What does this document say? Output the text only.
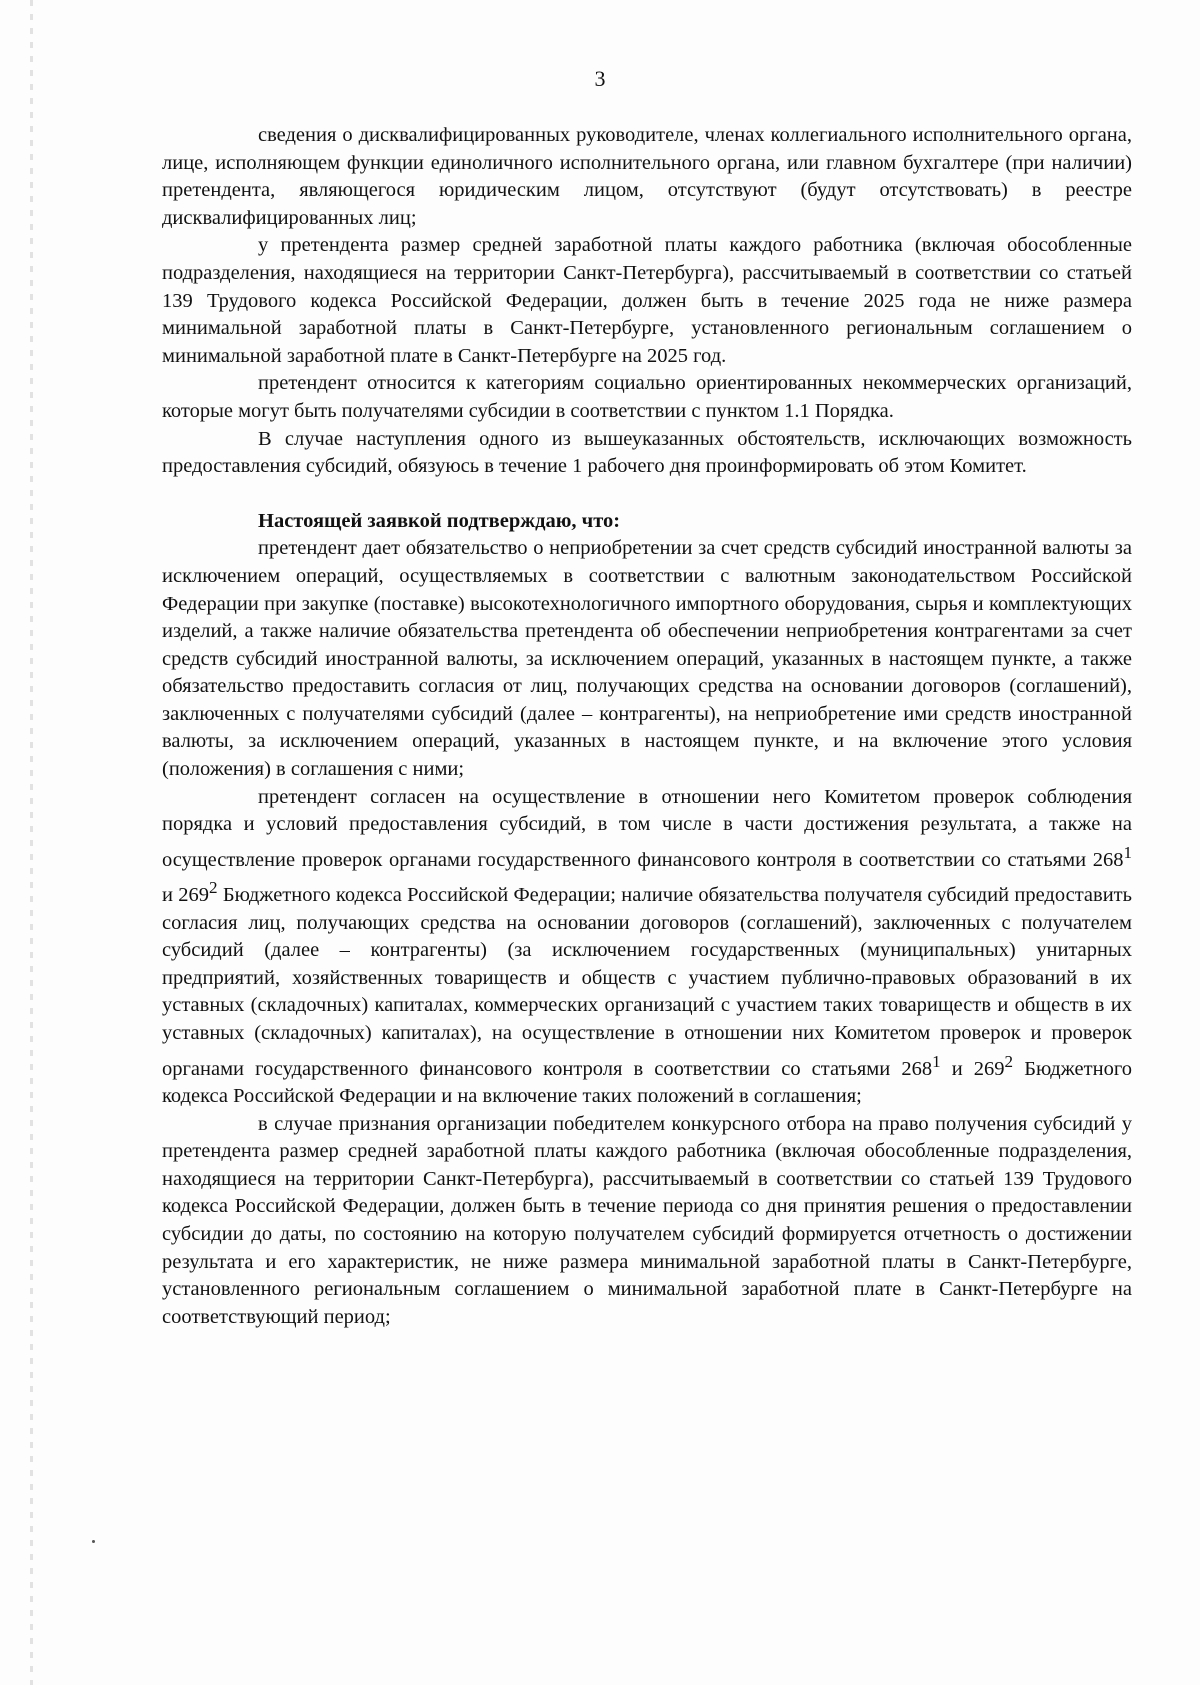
3

сведения о дисквалифицированных руководителе, членах коллегиального исполнительного органа, лице, исполняющем функции единоличного исполнительного органа, или главном бухгалтере (при наличии) претендента, являющегося юридическим лицом, отсутствуют (будут отсутствовать) в реестре дисквалифицированных лиц;

у претендента размер средней заработной платы каждого работника (включая обособленные подразделения, находящиеся на территории Санкт-Петербурга), рассчитываемый в соответствии со статьей 139 Трудового кодекса Российской Федерации, должен быть в течение 2025 года не ниже размера минимальной заработной платы в Санкт-Петербурге, установленного региональным соглашением о минимальной заработной плате в Санкт-Петербурге на 2025 год.

претендент относится к категориям социально ориентированных некоммерческих организаций, которые могут быть получателями субсидии в соответствии с пунктом 1.1 Порядка.

В случае наступления одного из вышеуказанных обстоятельств, исключающих возможность предоставления субсидий, обязуюсь в течение 1 рабочего дня проинформировать об этом Комитет.

Настоящей заявкой подтверждаю, что:

претендент дает обязательство о неприобретении за счет средств субсидий иностранной валюты за исключением операций, осуществляемых в соответствии с валютным законодательством Российской Федерации при закупке (поставке) высокотехнологичного импортного оборудования, сырья и комплектующих изделий, а также наличие обязательства претендента об обеспечении неприобретения контрагентами за счет средств субсидий иностранной валюты, за исключением операций, указанных в настоящем пункте, а также обязательство предоставить согласия от лиц, получающих средства на основании договоров (соглашений), заключенных с получателями субсидий (далее – контрагенты), на неприобретение ими средств иностранной валюты, за исключением операций, указанных в настоящем пункте, и на включение этого условия (положения) в соглашения с ними;

претендент согласен на осуществление в отношении него Комитетом проверок соблюдения порядка и условий предоставления субсидий, в том числе в части достижения результата, а также на осуществление проверок органами государственного финансового контроля в соответствии со статьями $268^1$ и $269^2$ Бюджетного кодекса Российской Федерации; наличие обязательства получателя субсидий предоставить согласия лиц, получающих средства на основании договоров (соглашений), заключенных с получателем субсидий (далее – контрагенты) (за исключением государственных (муниципальных) унитарных предприятий, хозяйственных товариществ и обществ с участием публично-правовых образований в их уставных (складочных) капиталах, коммерческих организаций с участием таких товариществ и обществ в их уставных (складочных) капиталах), на осуществление в отношении них Комитетом проверок и проверок органами государственного финансового контроля в соответствии со статьями $268^1$ и $269^2$ Бюджетного кодекса Российской Федерации и на включение таких положений в соглашения;

в случае признания организации победителем конкурсного отбора на право получения субсидий у претендента размер средней заработной платы каждого работника (включая обособленные подразделения, находящиеся на территории Санкт-Петербурга), рассчитываемый в соответствии со статьей 139 Трудового кодекса Российской Федерации, должен быть в течение периода со дня принятия решения о предоставлении субсидии до даты, по состоянию на которую получателем субсидий формируется отчетность о достижении результата и его характеристик, не ниже размера минимальной заработной платы в Санкт-Петербурге, установленного региональным соглашением о минимальной заработной плате в Санкт-Петербурге на соответствующий период;
